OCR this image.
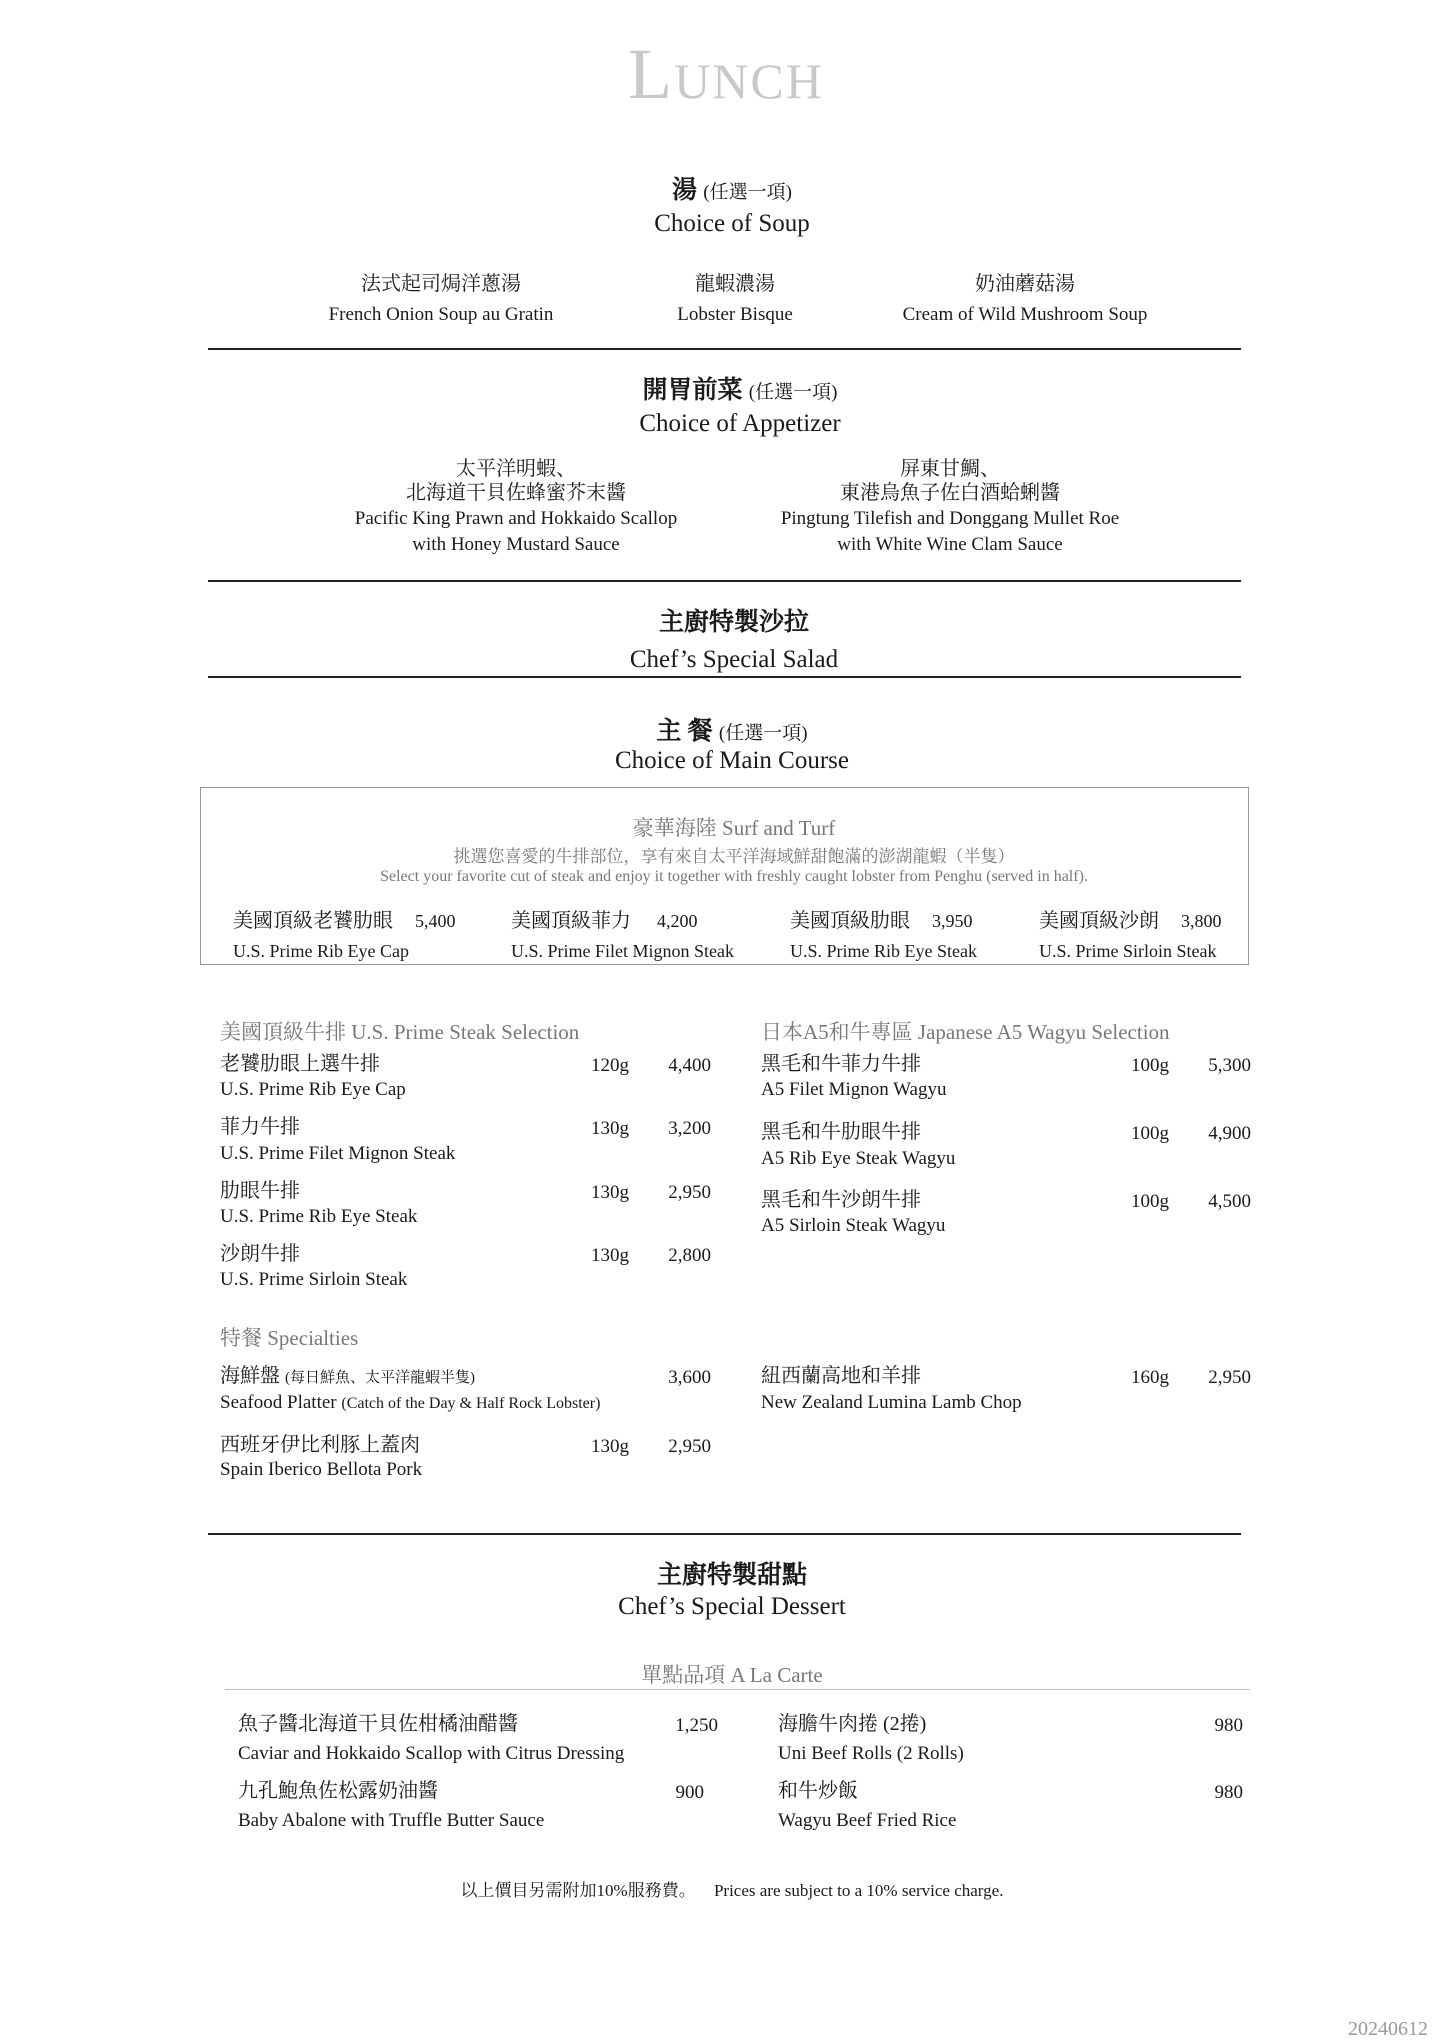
Lunch
湯 (任選一項)
Choice of Soup
法式起司焗洋蔥湯
French Onion Soup au Gratin
龍蝦濃湯
Lobster Bisque
奶油蘑菇湯
Cream of Wild Mushroom Soup
開胃前菜 (任選一項)
Choice of Appetizer
太平洋明蝦、
北海道干貝佐蜂蜜芥末醬
Pacific King Prawn and Hokkaido Scallop
with Honey Mustard Sauce
屏東甘鯛、
東港烏魚子佐白酒蛤蜊醬
Pingtung Tilefish and Donggang Mullet Roe
with White Wine Clam Sauce
主廚特製沙拉
Chef’s Special Salad
主 餐 (任選一項)
Choice of Main Course
豪華海陸 Surf and Turf
挑選您喜愛的牛排部位，享有來自太平洋海域鮮甜飽滿的澎湖龍蝦（半隻）
Select your favorite cut of steak and enjoy it together with freshly caught lobster from Penghu (served in half).
美國頂級老饕肋眼 5,400
U.S. Prime Rib Eye Cap
美國頂級菲力 4,200
U.S. Prime Filet Mignon Steak
美國頂級肋眼 3,950
U.S. Prime Rib Eye Steak
美國頂級沙朗 3,800
U.S. Prime Sirloin Steak
美國頂級牛排 U.S. Prime Steak Selection
老饕肋眼上選牛排
U.S. Prime Rib Eye Cap
120g	4,400
菲力牛排
U.S. Prime Filet Mignon Steak
130g	3,200
肋眼牛排
U.S. Prime Rib Eye Steak
130g	2,950
沙朗牛排
U.S. Prime Sirloin Steak
130g	2,800
日本A5和牛專區 Japanese A5 Wagyu Selection
黑毛和牛菲力牛排
A5 Filet Mignon Wagyu
100g	5,300
黑毛和牛肋眼牛排
A5 Rib Eye Steak Wagyu
100g	4,900
黑毛和牛沙朗牛排
A5 Sirloin Steak Wagyu
100g	4,500
特餐 Specialties
海鮮盤 (每日鮮魚、太平洋龍蝦半隻)
Seafood Platter (Catch of the Day & Half Rock Lobster)
3,600
西班牙伊比利豚上蓋肉
Spain Iberico Bellota Pork
130g	2,950
紐西蘭高地和羊排
New Zealand Lumina Lamb Chop
160g	2,950
主廚特製甜點
Chef’s Special Dessert
單點品項 A La Carte
魚子醬北海道干貝佐柑橘油醋醬
Caviar and Hokkaido Scallop with Citrus Dressing
1,250
九孔鮑魚佐松露奶油醬
Baby Abalone with Truffle Butter Sauce
900
海膽牛肉捲 (2捲)
Uni Beef Rolls (2 Rolls)
980
和牛炒飯
Wagyu Beef Fried Rice
980
以上價目另需附加10%服務費。 Prices are subject to a 10% service charge.
20240612
